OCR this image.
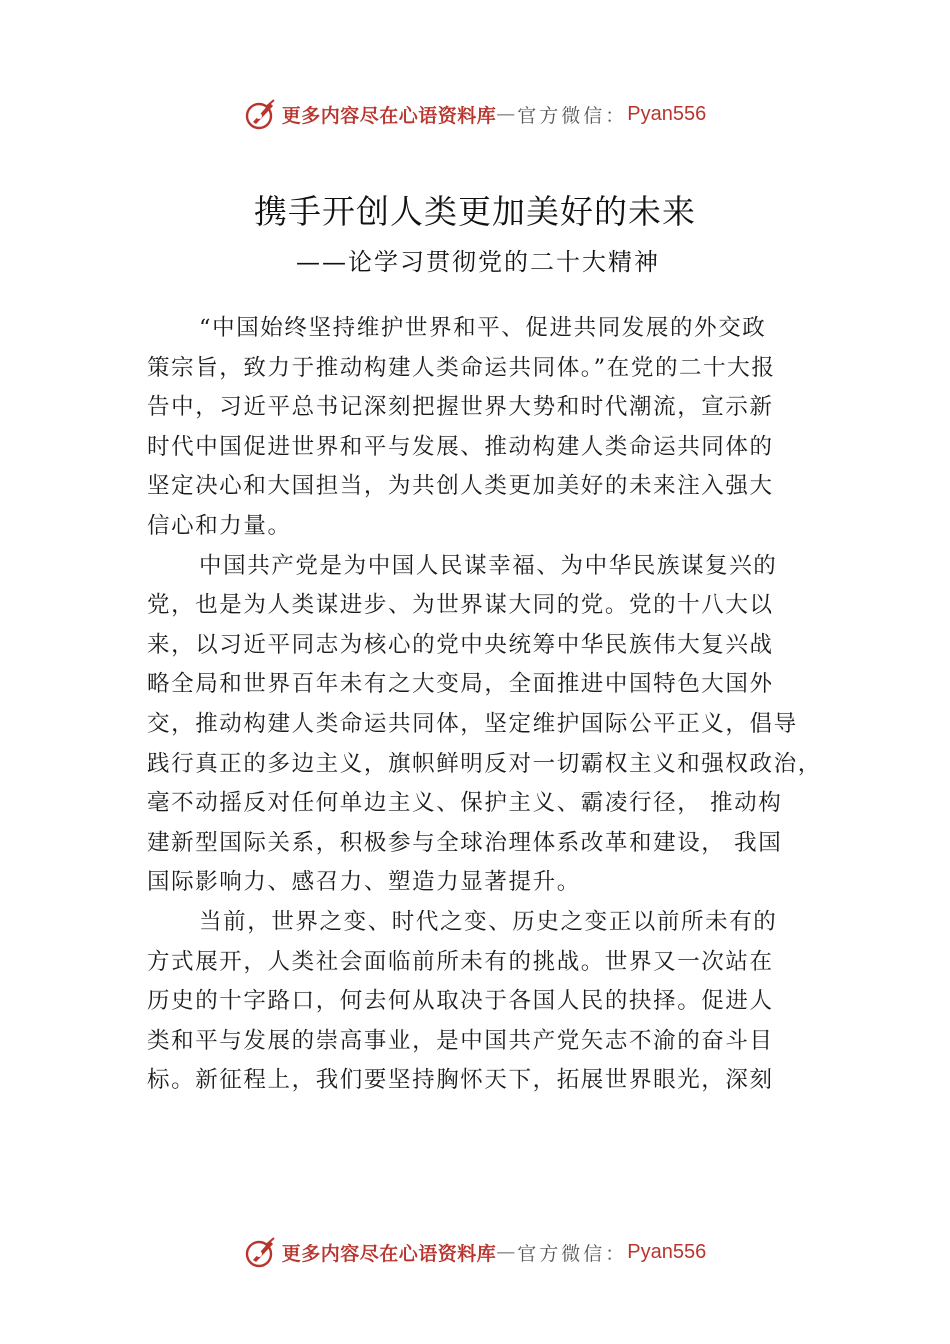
更多内容尽在心语资料库 — 官方微信： Pyan556
携手开创人类更加美好的未来
——论学习贯彻党的二十大精神
“中国始终坚持维护世界和平、促进共同发展的外交政
策宗旨，致力于推动构建人类命运共同体。”在党的二十大报
告中，习近平总书记深刻把握世界大势和时代潮流，宣示新
时代中国促进世界和平与发展、推动构建人类命运共同体的
坚定决心和大国担当，为共创人类更加美好的未来注入强大
信心和力量。
中国共产党是为中国人民谋幸福、为中华民族谋复兴的
党，也是为人类谋进步、为世界谋大同的党。党的十八大以
来，以习近平同志为核心的党中央统筹中华民族伟大复兴战
略全局和世界百年未有之大变局，全面推进中国特色大国外
交，推动构建人类命运共同体，坚定维护国际公平正义，倡导
践行真正的多边主义，旗帜鲜明反对一切霸权主义和强权政治，
毫不动摇反对任何单边主义、保护主义、霸凌行径， 推动构
建新型国际关系，积极参与全球治理体系改革和建设， 我国
国际影响力、感召力、塑造力显著提升。
当前，世界之变、时代之变、历史之变正以前所未有的
方式展开，人类社会面临前所未有的挑战。世界又一次站在
历史的十字路口，何去何从取决于各国人民的抉择。促进人
类和平与发展的崇高事业，是中国共产党矢志不渝的奋斗目
标。新征程上，我们要坚持胸怀天下，拓展世界眼光，深刻
更多内容尽在心语资料库 — 官方微信： Pyan556
